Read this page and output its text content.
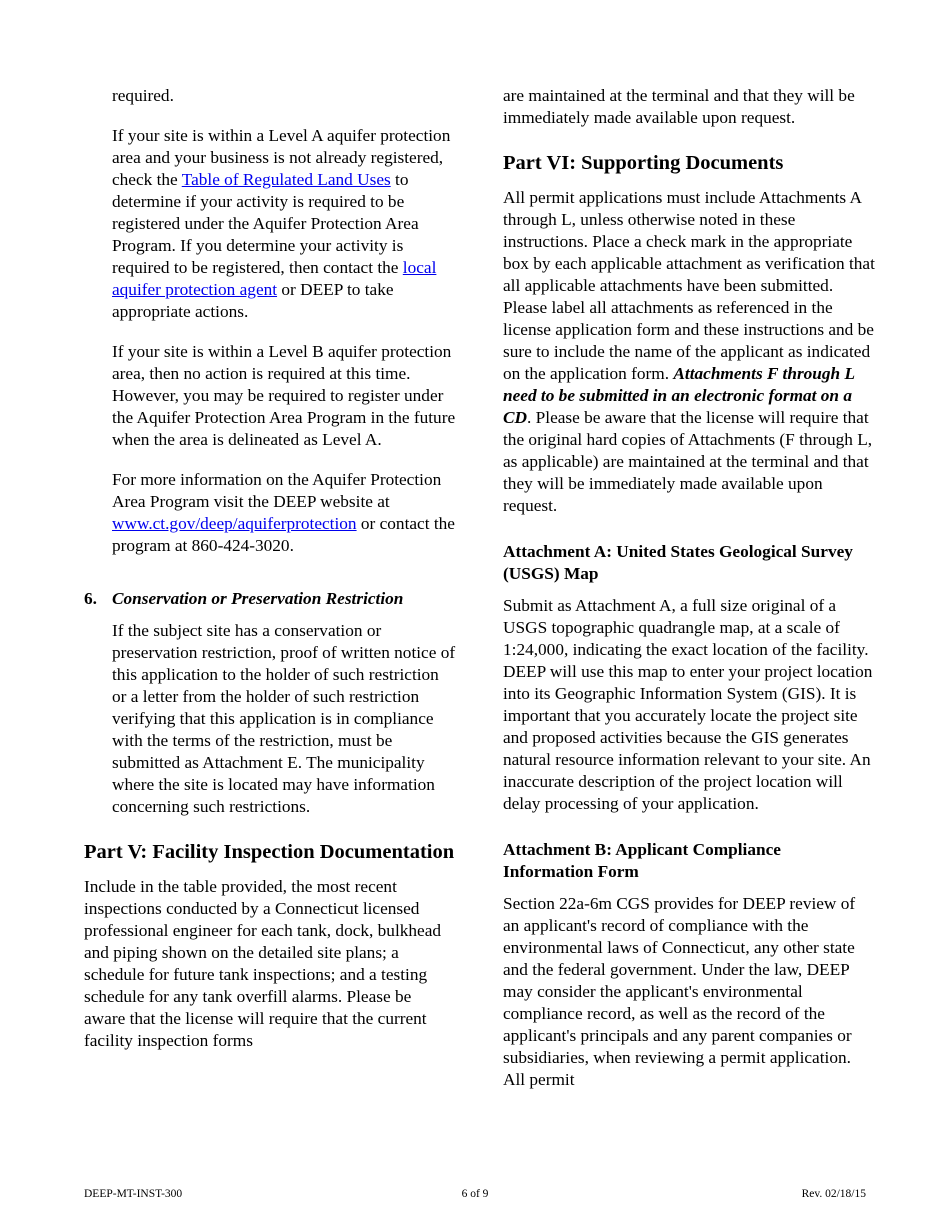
required.

If your site is within a Level A aquifer protection area and your business is not already registered, check the Table of Regulated Land Uses to determine if your activity is required to be registered under the Aquifer Protection Area Program. If you determine your activity is required to be registered, then contact the local aquifer protection agent or DEEP to take appropriate actions.

If your site is within a Level B aquifer protection area, then no action is required at this time. However, you may be required to register under the Aquifer Protection Area Program in the future when the area is delineated as Level A.

For more information on the Aquifer Protection Area Program visit the DEEP website at www.ct.gov/deep/aquiferprotection or contact the program at 860-424-3020.

6. Conservation or Preservation Restriction

If the subject site has a conservation or preservation restriction, proof of written notice of this application to the holder of such restriction or a letter from the holder of such restriction verifying that this application is in compliance with the terms of the restriction, must be submitted as Attachment E. The municipality where the site is located may have information concerning such restrictions.

Part V: Facility Inspection Documentation

Include in the table provided, the most recent inspections conducted by a Connecticut licensed professional engineer for each tank, dock, bulkhead and piping shown on the detailed site plans; a schedule for future tank inspections; and a testing schedule for any tank overfill alarms. Please be aware that the license will require that the current facility inspection forms

are maintained at the terminal and that they will be immediately made available upon request.

Part VI: Supporting Documents

All permit applications must include Attachments A through L, unless otherwise noted in these instructions. Place a check mark in the appropriate box by each applicable attachment as verification that all applicable attachments have been submitted. Please label all attachments as referenced in the license application form and these instructions and be sure to include the name of the applicant as indicated on the application form. Attachments F through L need to be submitted in an electronic format on a CD. Please be aware that the license will require that the original hard copies of Attachments (F through L, as applicable) are maintained at the terminal and that they will be immediately made available upon request.

Attachment A: United States Geological Survey (USGS) Map

Submit as Attachment A, a full size original of a USGS topographic quadrangle map, at a scale of 1:24,000, indicating the exact location of the facility. DEEP will use this map to enter your project location into its Geographic Information System (GIS). It is important that you accurately locate the project site and proposed activities because the GIS generates natural resource information relevant to your site. An inaccurate description of the project location will delay processing of your application.

Attachment B: Applicant Compliance Information Form

Section 22a-6m CGS provides for DEEP review of an applicant's record of compliance with the environmental laws of Connecticut, any other state and the federal government. Under the law, DEEP may consider the applicant's environmental compliance record, as well as the record of the applicant's principals and any parent companies or subsidiaries, when reviewing a permit application. All permit

DEEP-MT-INST-300	6 of 9	Rev. 02/18/15
